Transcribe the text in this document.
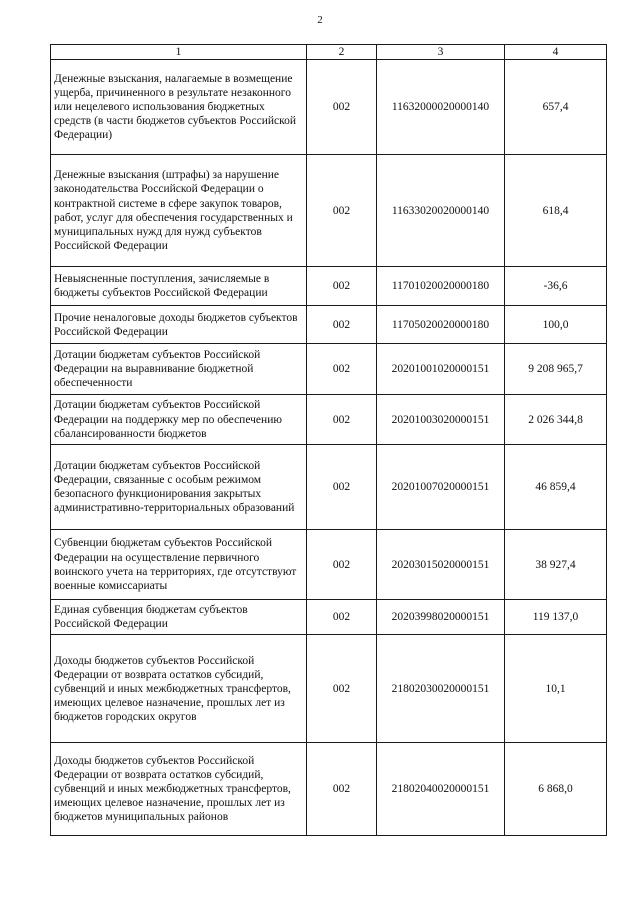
2
1	2	3	4
Денежные взыскания, налагаемые в возмещение ущерба, причиненного в результате незаконного или нецелевого использования бюджетных средств (в части бюджетов субъектов Российской Федерации)	002	11632000020000140	657,4
Денежные взыскания (штрафы) за нарушение законодательства Российской Федерации о контрактной системе в сфере закупок товаров, работ, услуг для обеспечения государственных и муниципальных нужд для нужд субъектов Российской Федерации	002	11633020020000140	618,4
Невыясненные поступления, зачисляемые в бюджеты субъектов Российской Федерации	002	11701020020000180	-36,6
Прочие неналоговые доходы бюджетов субъектов Российской Федерации	002	11705020020000180	100,0
Дотации бюджетам субъектов Российской Федерации на выравнивание бюджетной обеспеченности	002	20201001020000151	9 208 965,7
Дотации бюджетам субъектов Российской Федерации на поддержку мер по обеспечению сбалансированности бюджетов	002	20201003020000151	2 026 344,8
Дотации бюджетам субъектов Российской Федерации, связанные с особым режимом безопасного функционирования закрытых административно-территориальных образований	002	20201007020000151	46 859,4
Субвенции бюджетам субъектов Российской Федерации на осуществление первичного воинского учета на территориях, где отсутствуют военные комиссариаты	002	20203015020000151	38 927,4
Единая субвенция бюджетам субъектов Российской Федерации	002	20203998020000151	119 137,0
Доходы бюджетов субъектов Российской Федерации от возврата остатков субсидий, субвенций и иных межбюджетных трансфертов, имеющих целевое назначение, прошлых лет из бюджетов городских округов	002	21802030020000151	10,1
Доходы бюджетов субъектов Российской Федерации от возврата остатков субсидий, субвенций и иных межбюджетных трансфертов, имеющих целевое назначение, прошлых лет из бюджетов муниципальных районов	002	21802040020000151	6 868,0
